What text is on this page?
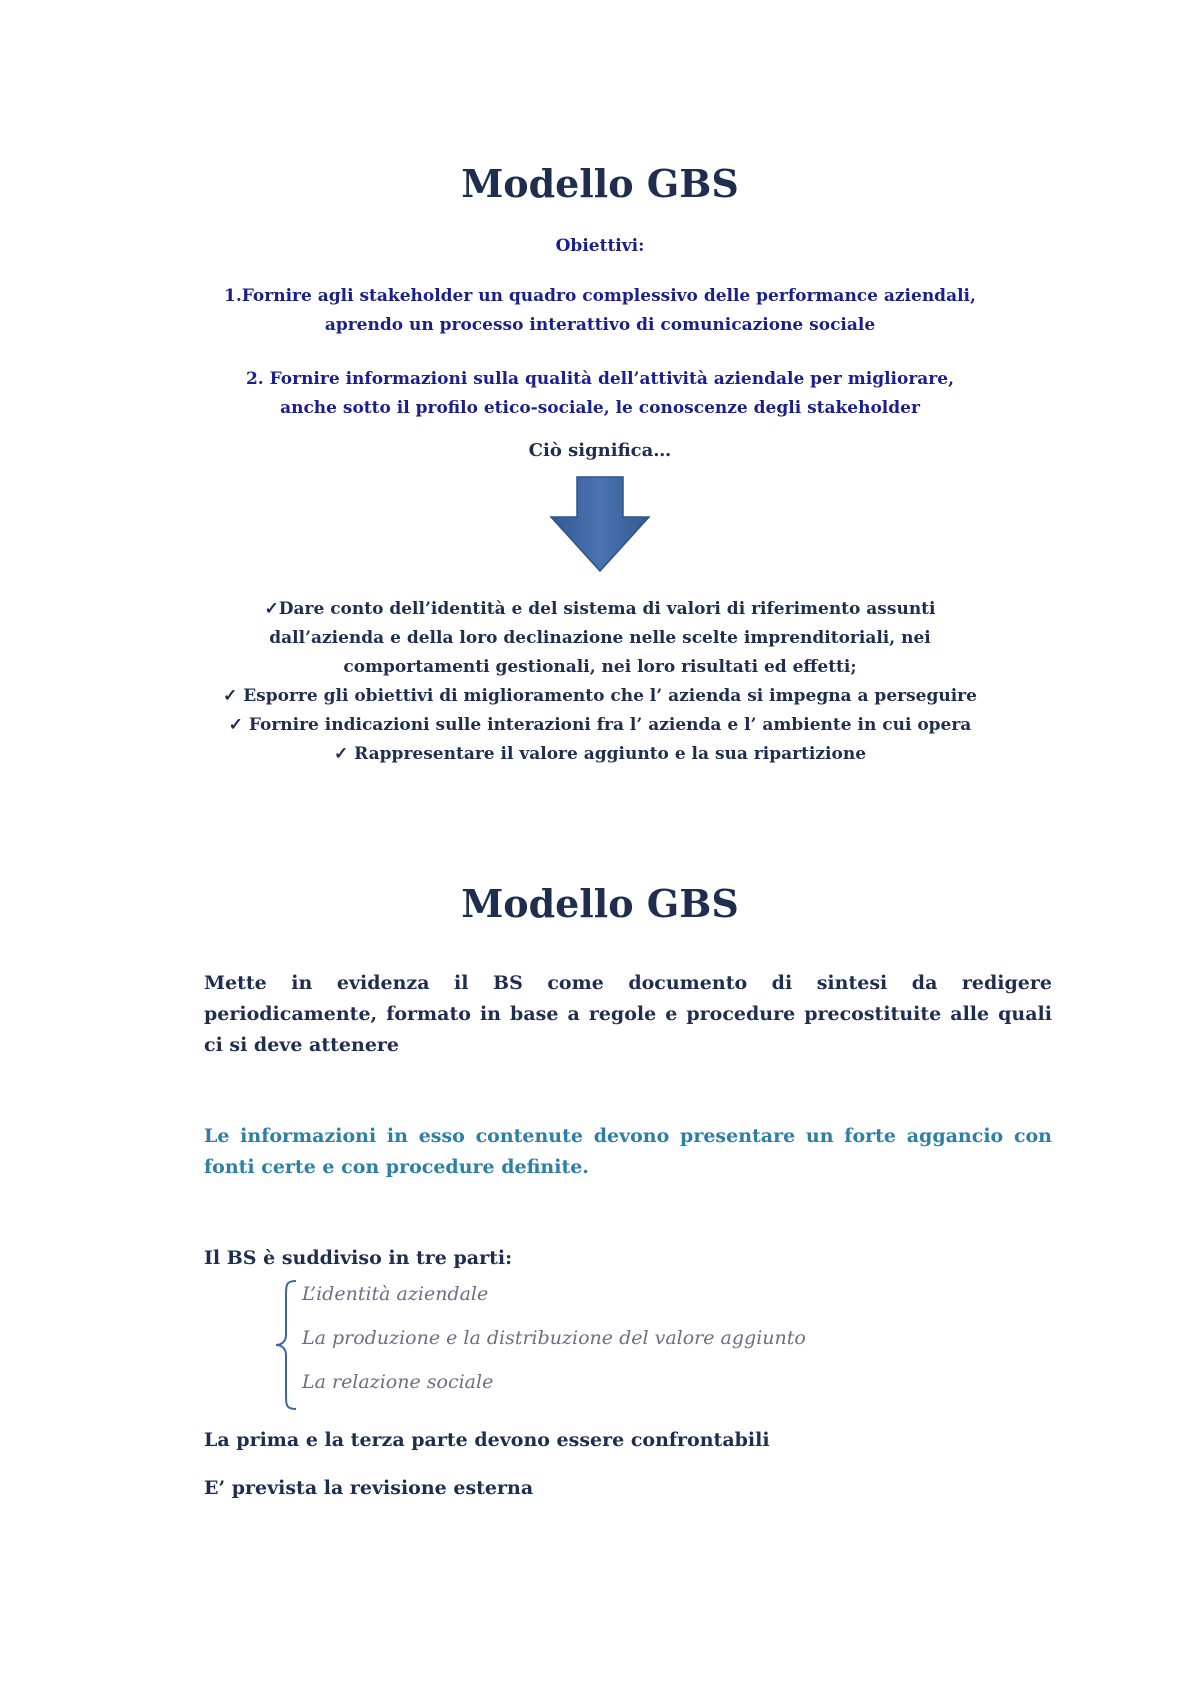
Modello GBS
Obiettivi:
1.Fornire agli stakeholder un quadro complessivo delle performance aziendali, aprendo un processo interattivo di comunicazione sociale
2. Fornire informazioni sulla qualità dell’attività aziendale per migliorare, anche sotto il profilo etico-sociale, le conoscenze degli stakeholder
Ciò significa…
✓Dare conto dell’identità e del sistema di valori di riferimento assunti dall’azienda e della loro declinazione nelle scelte imprenditoriali, nei comportamenti gestionali, nei loro risultati ed effetti;
✓ Esporre gli obiettivi di miglioramento che l’ azienda si impegna a perseguire
✓ Fornire indicazioni sulle interazioni fra l’ azienda e l’ ambiente in cui opera
✓ Rappresentare il valore aggiunto e la sua ripartizione
Modello GBS

Mette in evidenza il BS come documento di sintesi da redigere periodicamente, formato in base a regole e procedure precostituite alle quali ci si deve attenere

Le informazioni in esso contenute devono presentare un forte aggancio con fonti certe e con procedure definite.

Il BS è suddiviso in tre parti:
L’identità aziendale
La produzione e la distribuzione del valore aggiunto
La relazione sociale
La prima e la terza parte devono essere confrontabili
E’ prevista la revisione esterna
